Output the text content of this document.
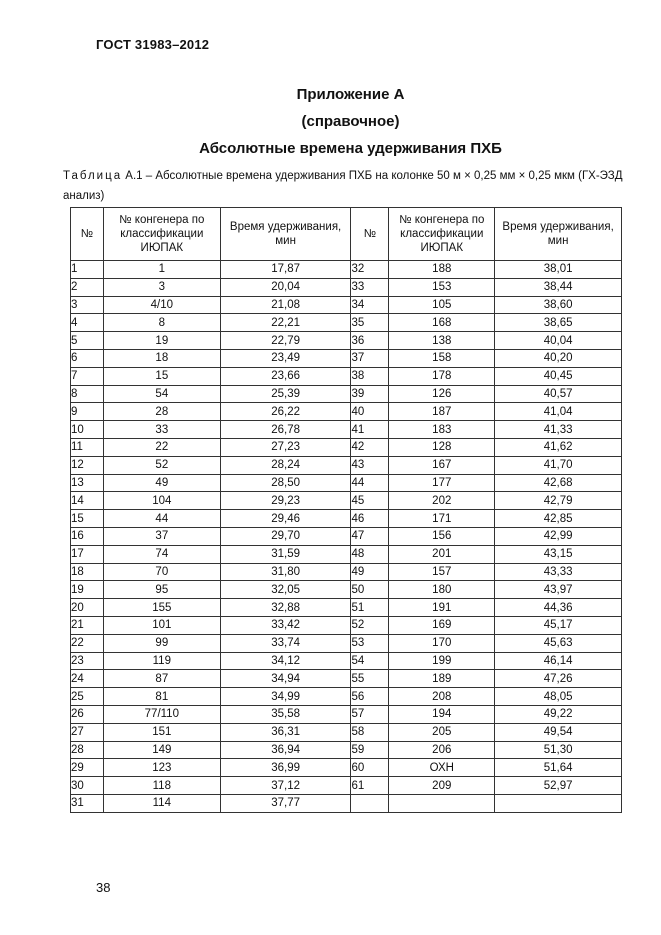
ГОСТ 31983–2012
Приложение А
(справочное)
Абсолютные времена удерживания ПХБ
Таблица А.1 – Абсолютные времена удерживания ПХБ на колонке 50 м × 0,25 мм × 0,25 мкм (ГХ-ЭЗД анализ)
№	№ конгенера по классификации ИЮПАК	Время удерживания, мин	№	№ конгенера по классификации ИЮПАК	Время удерживания, мин
1	1	17,87	32	188	38,01
2	3	20,04	33	153	38,44
3	4/10	21,08	34	105	38,60
4	8	22,21	35	168	38,65
5	19	22,79	36	138	40,04
6	18	23,49	37	158	40,20
7	15	23,66	38	178	40,45
8	54	25,39	39	126	40,57
9	28	26,22	40	187	41,04
10	33	26,78	41	183	41,33
11	22	27,23	42	128	41,62
12	52	28,24	43	167	41,70
13	49	28,50	44	177	42,68
14	104	29,23	45	202	42,79
15	44	29,46	46	171	42,85
16	37	29,70	47	156	42,99
17	74	31,59	48	201	43,15
18	70	31,80	49	157	43,33
19	95	32,05	50	180	43,97
20	155	32,88	51	191	44,36
21	101	33,42	52	169	45,17
22	99	33,74	53	170	45,63
23	119	34,12	54	199	46,14
24	87	34,94	55	189	47,26
25	81	34,99	56	208	48,05
26	77/110	35,58	57	194	49,22
27	151	36,31	58	205	49,54
28	149	36,94	59	206	51,30
29	123	36,99	60	ОХН	51,64
30	118	37,12	61	209	52,97
31	114	37,77			
38
